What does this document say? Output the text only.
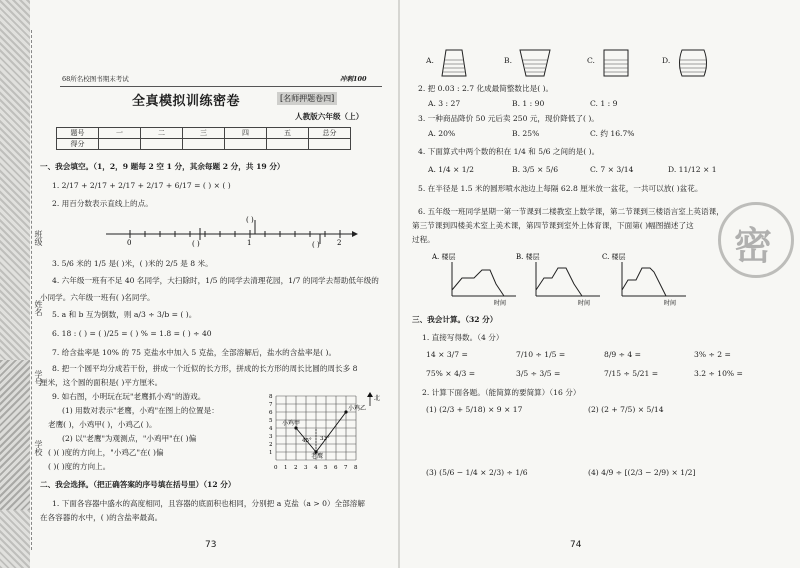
班级
姓名
学号
学校
68所名校图书期末考试	冲刺100
全真模拟训练密卷	[名师押题卷四]
人教版六年级（上）
题号	一	二	三	四	五	总分
得分						
一、我会填空。（1，2，9 题每 2 空 1 分，其余每题 2 分，共 19 分）
1. 2/17 + 2/17 + 2/17 + 2/17 + 6/17 = ( ) × ( )
2. 用百分数表示直线上的点。
( )
( )	( )
0	1	2
3. 5/6 米的 1/5 是( )米，( )米的 2/5 是 8 米。
4. 六年级一班有不足 40 名同学，大扫除时，1/5 的同学去清理花园，1/7 的同学去帮助低年级的
小同学。六年级一班有( )名同学。
5. a 和 b 互为倒数，则 a/3 ÷ 3/b = ( )。
6. 18 : ( ) = ( )/25 = ( ) % = 1.8 = ( ) ÷ 40
7. 给含盐率是 10% 的 75 克盐水中加入 5 克盐，全部溶解后，盐水的含盐率是( )。
8. 把一个圆平均分成若干份，拼成一个近似的长方形，拼成的长方形的周长比圆的周长多 8
厘米，这个圆的面积是( )平方厘米。
9. 如右图，小明玩在玩"老鹰抓小鸡"的游戏。
(1) 用数对表示"老鹰，小鸡"在图上的位置是：
老鹰( )，小鸡甲( )，小鸡乙( )。
(2) 以"老鹰"为观测点，"小鸡甲"在( )偏
( )( )度的方向上，"小鸡乙"在( )偏
( )( )度的方向上。
北
小鸡甲
小鸡乙
老鹰
45° 33°
0 1 2 3 4 5 6 7 8
1
2
3
4
5
6
7
8
二、我会选择。（把正确答案的序号填在括号里）（12 分）
1. 下面各容器中盛水的高度相同，且容器的底面积也相同，分别把 a 克盐（a > 0）全部溶解
在各容器的水中，( )的含盐率最高。
73
A.	B.	C.	D.
2. 把 0.03 : 2.7 化成最简整数比是( )。
A. 3 : 27	B. 1 : 90	C. 1 : 9
3. 一种商品降价 50 元后卖 250 元，现价降低了( )。
A. 20%	B. 25%	C. 约 16.7%
4. 下面算式中两个数的积在 1/4 和 5/6 之间的是( )。
A. 1/4 × 1/2	B. 3/5 × 5/6	C. 7 × 3/14	D. 11/12 × 1
5. 在半径是 1.5 米的圆形喷水池边上每隔 62.8 厘米放一盆花，一共可以放( )盆花。
6. 五年级一班同学星期一第一节课到二楼教室上数学课，第二节课到三楼语言室上英语课，
第三节课到四楼美术室上美术课，第四节课到室外上体育课，下面第( )幅图描述了这
过程。	密
A. 楼层
时间
B. 楼层
时间
C. 楼层
时间
三、我会计算。（32 分）
1. 直接写得数。（4 分）
14 × 3/7 =	7/10 ÷ 1/5 =	8/9 ÷ 4 =	3% ÷ 2 =
75% × 4/3 =	3/5 ÷ 3/5 =	7/15 ÷ 5/21 =	3.2 ÷ 10% =
2. 计算下面各题。（能简算的要简算）（16 分）
(1) (2/3 + 5/18) × 9 × 17	(2) (2 + 7/5) × 5/14
(3) (5/6 − 1/4 × 2/3) ÷ 1/6	(4) 4/9 ÷ [(2/3 − 2/9) × 1/2]
74
